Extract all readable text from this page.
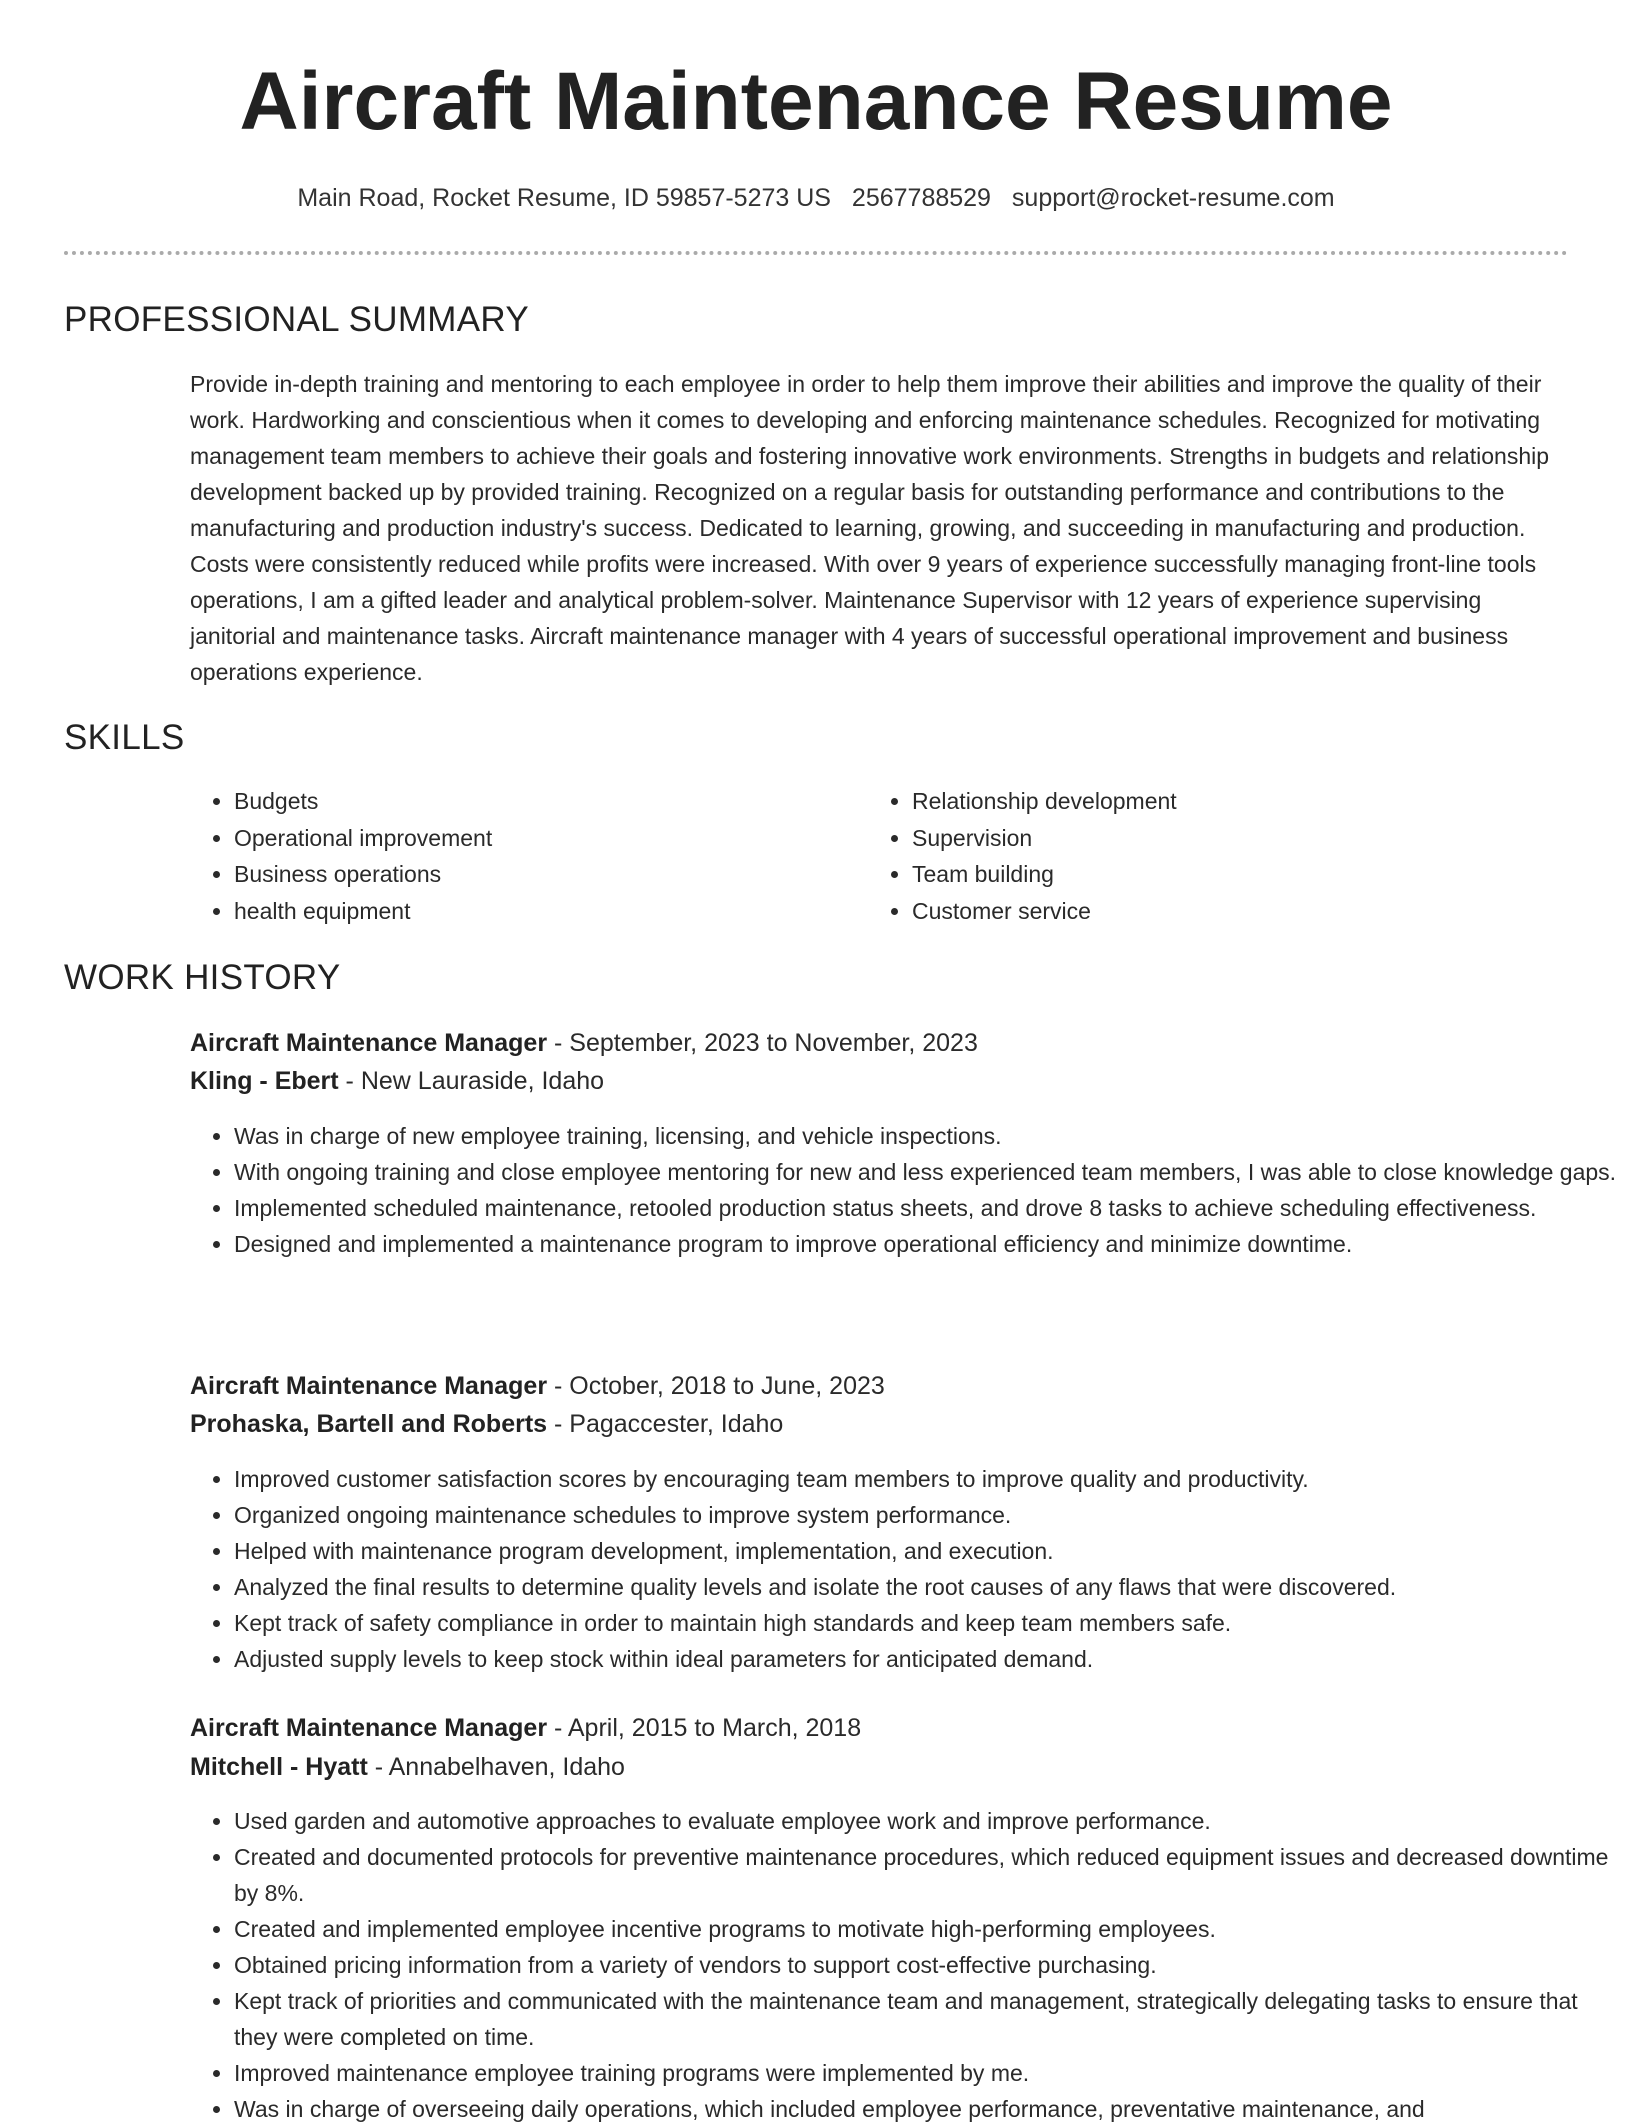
Aircraft Maintenance Resume
Main Road, Rocket Resume, ID 59857-5273 US 2567788529 support@rocket-resume.com
PROFESSIONAL SUMMARY

Provide in-depth training and mentoring to each employee in order to help them improve their abilities and improve the quality of their work. Hardworking and conscientious when it comes to developing and enforcing maintenance schedules. Recognized for motivating management team members to achieve their goals and fostering innovative work environments. Strengths in budgets and relationship development backed up by provided training. Recognized on a regular basis for outstanding performance and contributions to the manufacturing and production industry's success. Dedicated to learning, growing, and succeeding in manufacturing and production. Costs were consistently reduced while profits were increased. With over 9 years of experience successfully managing front-line tools operations, I am a gifted leader and analytical problem-solver. Maintenance Supervisor with 12 years of experience supervising janitorial and maintenance tasks. Aircraft maintenance manager with 4 years of successful operational improvement and business operations experience.

SKILLS
• Budgets
• Operational improvement
• Business operations
• health equipment
• Relationship development
• Supervision
• Team building
• Customer service
WORK HISTORY
Aircraft Maintenance Manager - September, 2023 to November, 2023
Kling - Ebert - New Lauraside, Idaho
• Was in charge of new employee training, licensing, and vehicle inspections.
• With ongoing training and close employee mentoring for new and less experienced team members, I was able to close knowledge gaps.
• Implemented scheduled maintenance, retooled production status sheets, and drove 8 tasks to achieve scheduling effectiveness.
• Designed and implemented a maintenance program to improve operational efficiency and minimize downtime.
Aircraft Maintenance Manager - October, 2018 to June, 2023
Prohaska, Bartell and Roberts - Pagaccester, Idaho
• Improved customer satisfaction scores by encouraging team members to improve quality and productivity.
• Organized ongoing maintenance schedules to improve system performance.
• Helped with maintenance program development, implementation, and execution.
• Analyzed the final results to determine quality levels and isolate the root causes of any flaws that were discovered.
• Kept track of safety compliance in order to maintain high standards and keep team members safe.
• Adjusted supply levels to keep stock within ideal parameters for anticipated demand.
Aircraft Maintenance Manager - April, 2015 to March, 2018
Mitchell - Hyatt - Annabelhaven, Idaho
• Used garden and automotive approaches to evaluate employee work and improve performance.
• Created and documented protocols for preventive maintenance procedures, which reduced equipment issues and decreased downtime by 8%.
• Created and implemented employee incentive programs to motivate high-performing employees.
• Obtained pricing information from a variety of vendors to support cost-effective purchasing.
• Kept track of priorities and communicated with the maintenance team and management, strategically delegating tasks to ensure that they were completed on time.
• Improved maintenance employee training programs were implemented by me.
• Was in charge of overseeing daily operations, which included employee performance, preventative maintenance, and
